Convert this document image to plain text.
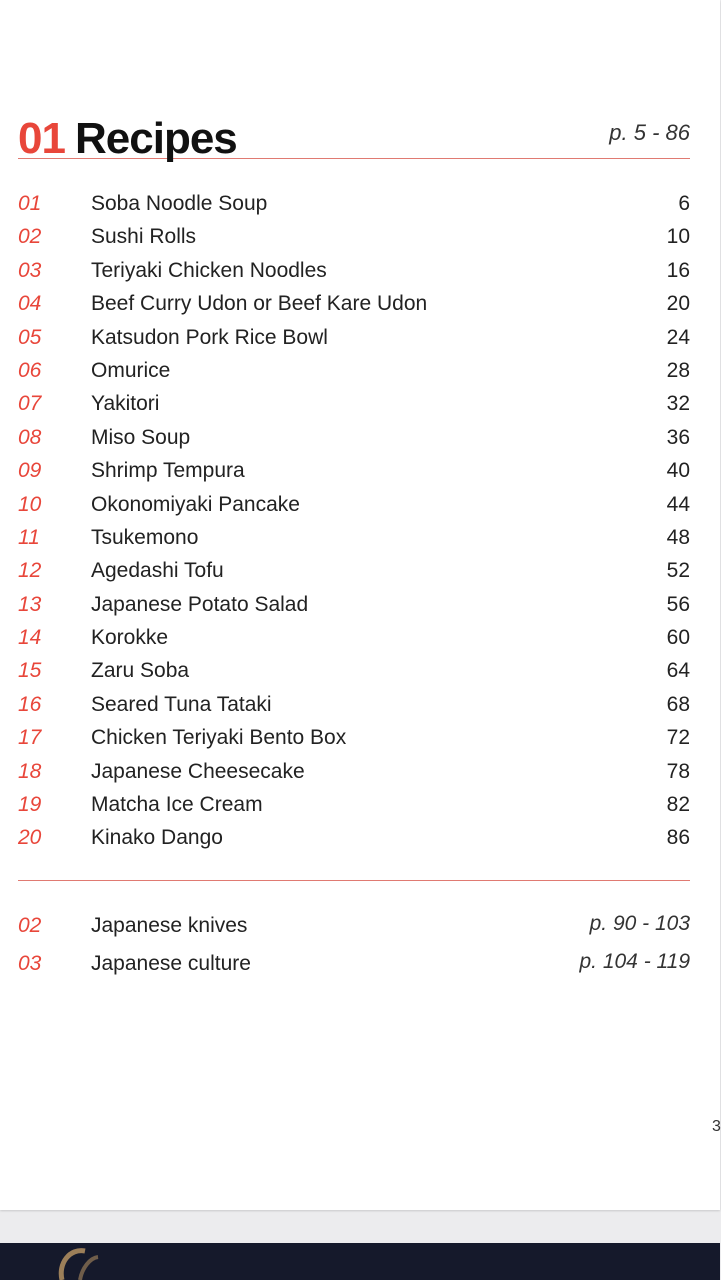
01 Recipes	p. 5 - 86
01 Soba Noodle Soup	6
02 Sushi Rolls	10
03 Teriyaki Chicken Noodles	16
04 Beef Curry Udon or Beef Kare Udon	20
05 Katsudon Pork Rice Bowl	24
06 Omurice	28
07 Yakitori	32
08 Miso Soup	36
09 Shrimp Tempura	40
10 Okonomiyaki Pancake	44
11 Tsukemono	48
12 Agedashi Tofu	52
13 Japanese Potato Salad	56
14 Korokke	60
15 Zaru Soba	64
16 Seared Tuna Tataki	68
17 Chicken Teriyaki Bento Box	72
18 Japanese Cheesecake	78
19 Matcha Ice Cream	82
20 Kinako Dango	86
02 Japanese knives	p. 90 - 103
03 Japanese culture	p. 104 - 119
3
